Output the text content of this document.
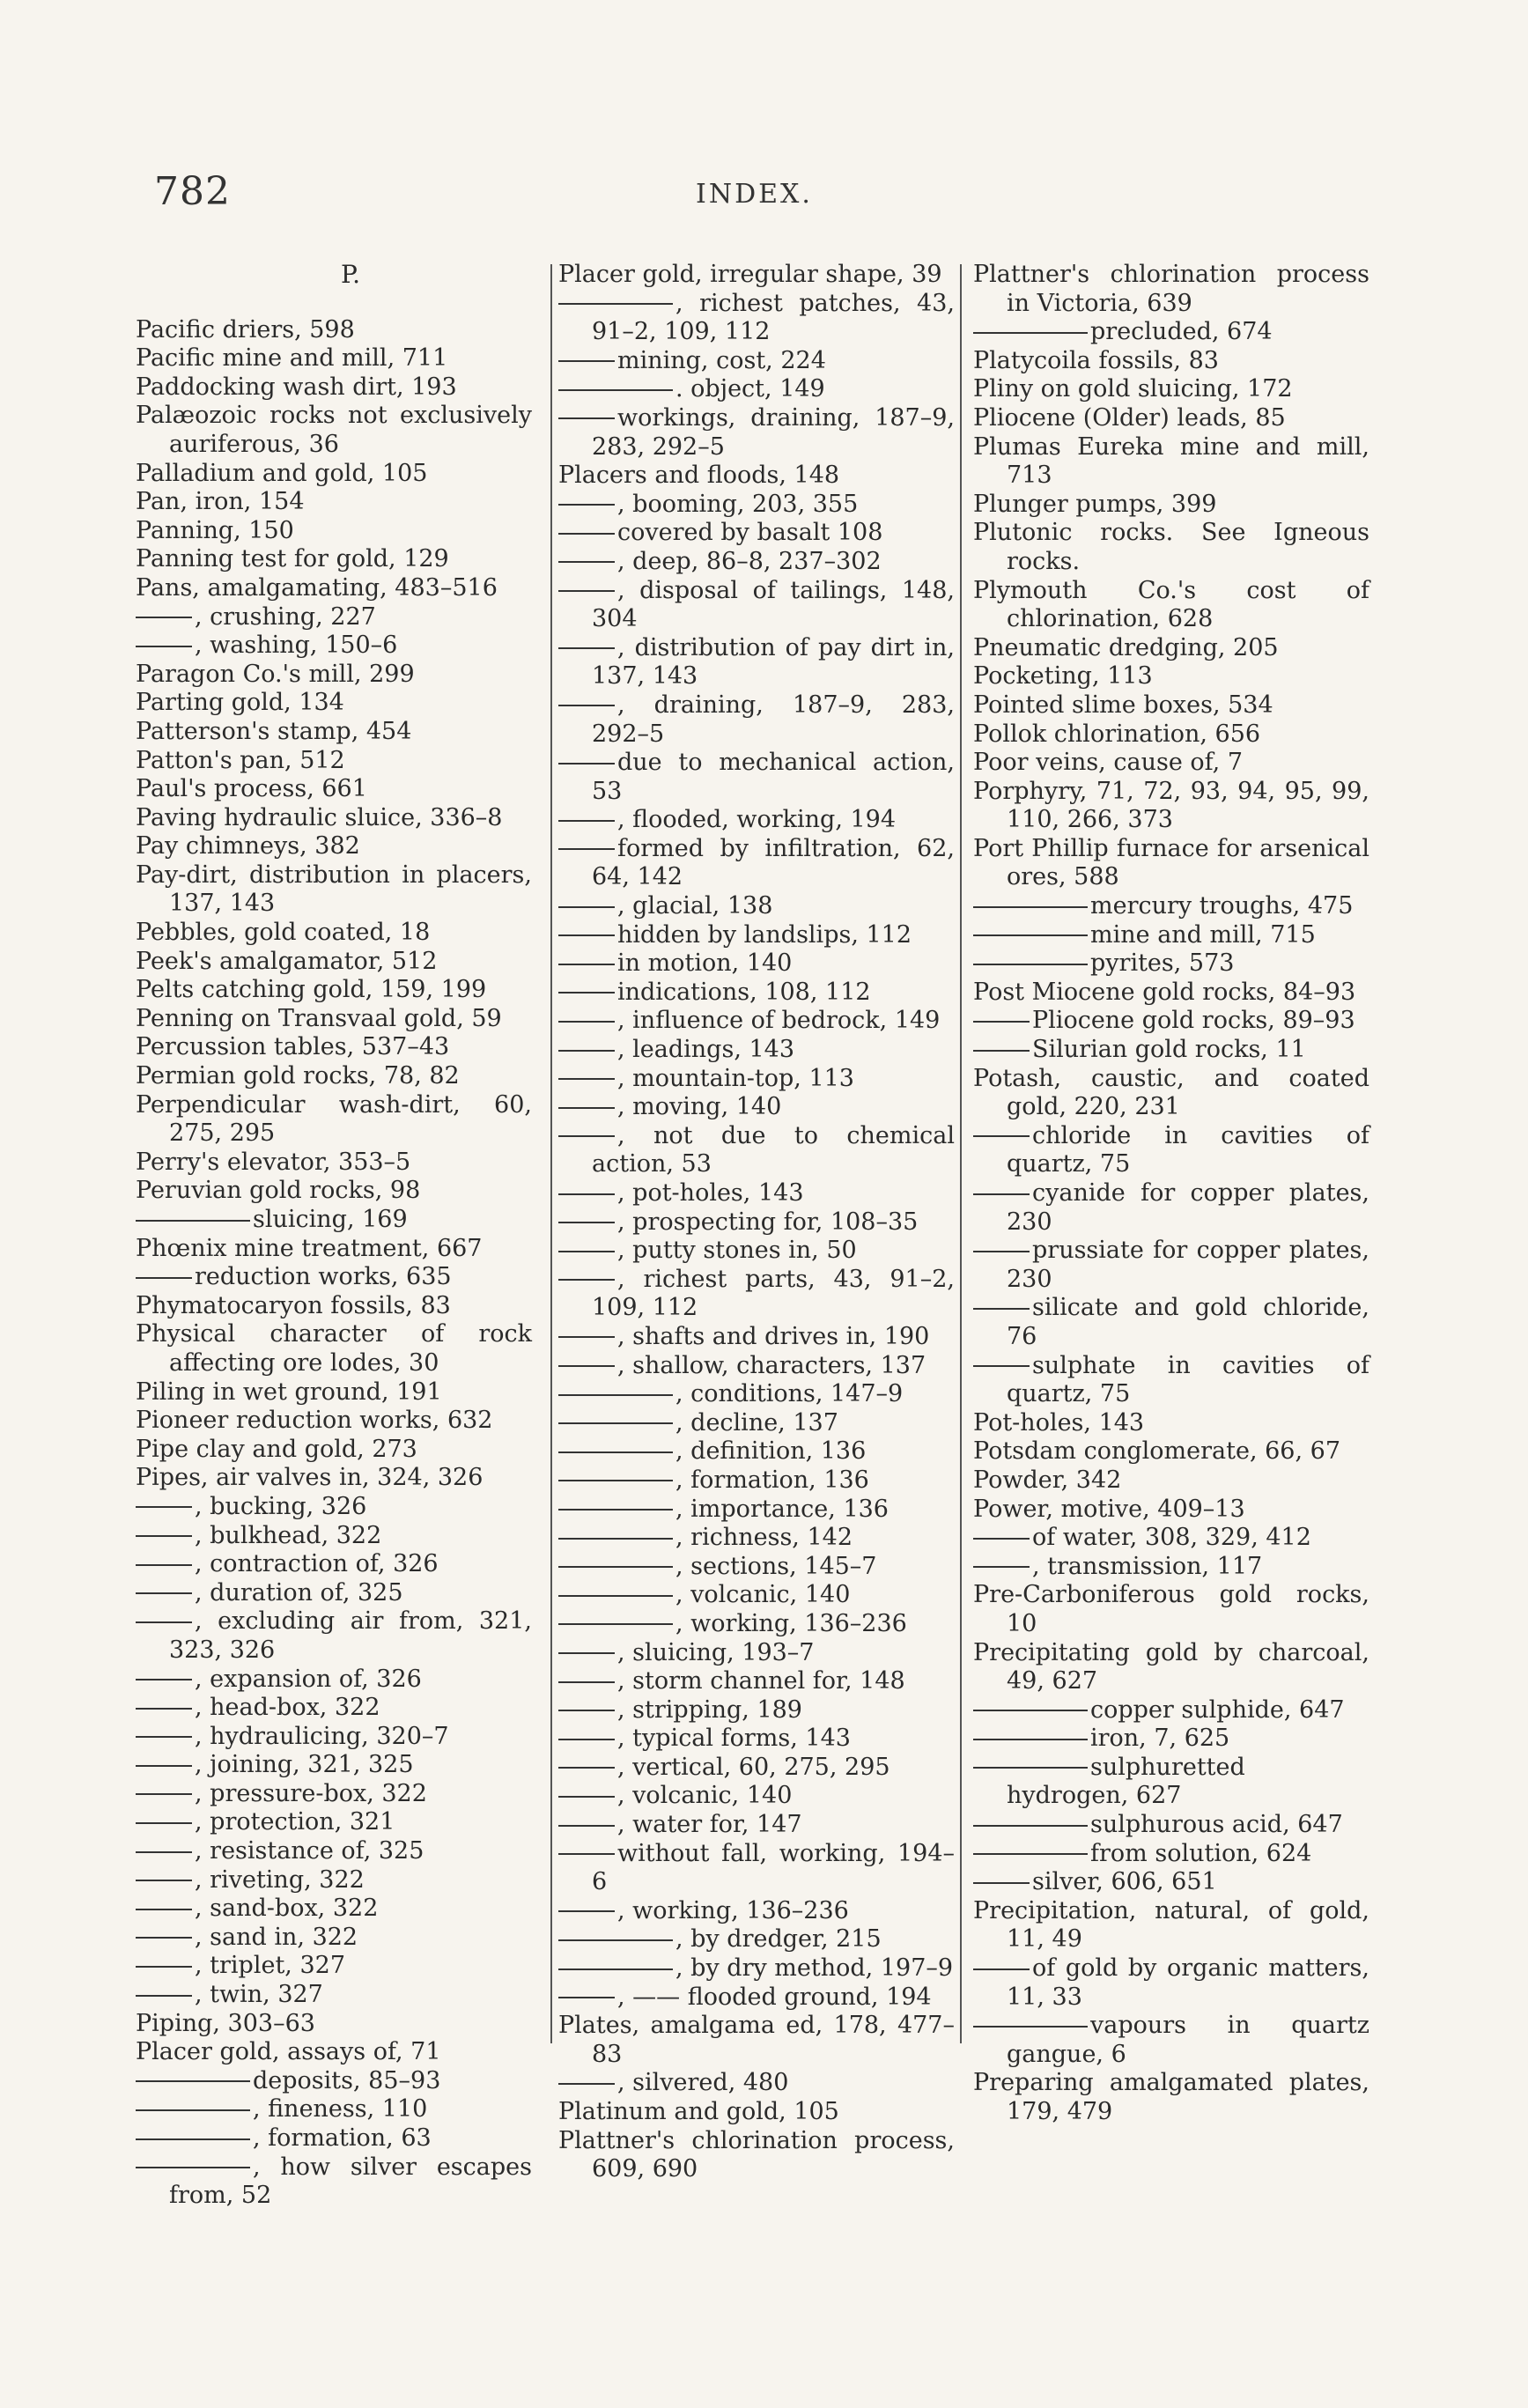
782	INDEX.

P.

Pacific driers, 598

Pacific mine and mill, 711

Paddocking wash dirt, 193

Palæozoic rocks not exclusively auriferous, 36

Palladium and gold, 105

Pan, iron, 154

Panning, 150

Panning test for gold, 129

Pans, amalgamating, 483–516

, crushing, 227

, washing, 150–6

Paragon Co.'s mill, 299

Parting gold, 134

Patterson's stamp, 454

Patton's pan, 512

Paul's process, 661

Paving hydraulic sluice, 336–8

Pay chimneys, 382

Pay-dirt, distribution in placers, 137, 143

Pebbles, gold coated, 18

Peek's amalgamator, 512

Pelts catching gold, 159, 199

Penning on Transvaal gold, 59

Percussion tables, 537–43

Permian gold rocks, 78, 82

Perpendicular wash-dirt, 60, 275, 295

Perry's elevator, 353–5

Peruvian gold rocks, 98

sluicing, 169

Phœnix mine treatment, 667

reduction works, 635

Phymatocaryon fossils, 83

Physical character of rock affecting ore lodes, 30

Piling in wet ground, 191

Pioneer reduction works, 632

Pipe clay and gold, 273

Pipes, air valves in, 324, 326

, bucking, 326

, bulkhead, 322

, contraction of, 326

, duration of, 325

, excluding air from, 321, 323, 326

, expansion of, 326

, head-box, 322

, hydraulicing, 320–7

, joining, 321, 325

, pressure-box, 322

, protection, 321

, resistance of, 325

, riveting, 322

, sand-box, 322

, sand in, 322

, triplet, 327

, twin, 327

Piping, 303–63

Placer gold, assays of, 71

deposits, 85–93

, fineness, 110

, formation, 63

, how silver escapes from, 52

Placer gold, irregular shape, 39

, richest patches, 43, 91–2, 109, 112

mining, cost, 224

. object, 149

workings, draining, 187–9, 283, 292–5

Placers and floods, 148

, booming, 203, 355

covered by basalt 108

, deep, 86–8, 237–302

, disposal of tailings, 148, 304

, distribution of pay dirt in, 137, 143

, draining, 187–9, 283, 292–5

due to mechanical action, 53

, flooded, working, 194

formed by infiltration, 62, 64, 142

, glacial, 138

hidden by landslips, 112

in motion, 140

indications, 108, 112

, influence of bedrock, 149

, leadings, 143

, mountain-top, 113

, moving, 140

, not due to chemical action, 53

, pot-holes, 143

, prospecting for, 108–35

, putty stones in, 50

, richest parts, 43, 91–2, 109, 112

, shafts and drives in, 190

, shallow, characters, 137

, conditions, 147–9

, decline, 137

, definition, 136

, formation, 136

, importance, 136

, richness, 142

, sections, 145–7

, volcanic, 140

, working, 136–236

, sluicing, 193–7

, storm channel for, 148

, stripping, 189

, typical forms, 143

, vertical, 60, 275, 295

, volcanic, 140

, water for, 147

without fall, working, 194–6

, working, 136–236

, by dredger, 215

, by dry method, 197–9

, —— flooded ground, 194

Plates, amalgama ed, 178, 477–83

, silvered, 480

Platinum and gold, 105

Plattner's chlorination process, 609, 690

Plattner's chlorination process in Victoria, 639

precluded, 674

Platycoila fossils, 83

Pliny on gold sluicing, 172

Pliocene (Older) leads, 85

Plumas Eureka mine and mill, 713

Plunger pumps, 399

Plutonic rocks. See Igneous rocks.

Plymouth Co.'s cost of chlorination, 628

Pneumatic dredging, 205

Pocketing, 113

Pointed slime boxes, 534

Pollok chlorination, 656

Poor veins, cause of, 7

Porphyry, 71, 72, 93, 94, 95, 99, 110, 266, 373

Port Phillip furnace for arsenical ores, 588

mercury troughs, 475

mine and mill, 715

pyrites, 573

Post Miocene gold rocks, 84–93

Pliocene gold rocks, 89–93

Silurian gold rocks, 11

Potash, caustic, and coated gold, 220, 231

chloride in cavities of quartz, 75

cyanide for copper plates, 230

prussiate for copper plates, 230

silicate and gold chloride, 76

sulphate in cavities of quartz, 75

Pot-holes, 143

Potsdam conglomerate, 66, 67

Powder, 342

Power, motive, 409–13

of water, 308, 329, 412

, transmission, 117

Pre-Carboniferous gold rocks, 10

Precipitating gold by charcoal, 49, 627

copper sulphide, 647

iron, 7, 625

sulphuretted hydrogen, 627

sulphurous acid, 647

from solution, 624

silver, 606, 651

Precipitation, natural, of gold, 11, 49

of gold by organic matters, 11, 33

vapours in quartz gangue, 6

Preparing amalgamated plates, 179, 479
